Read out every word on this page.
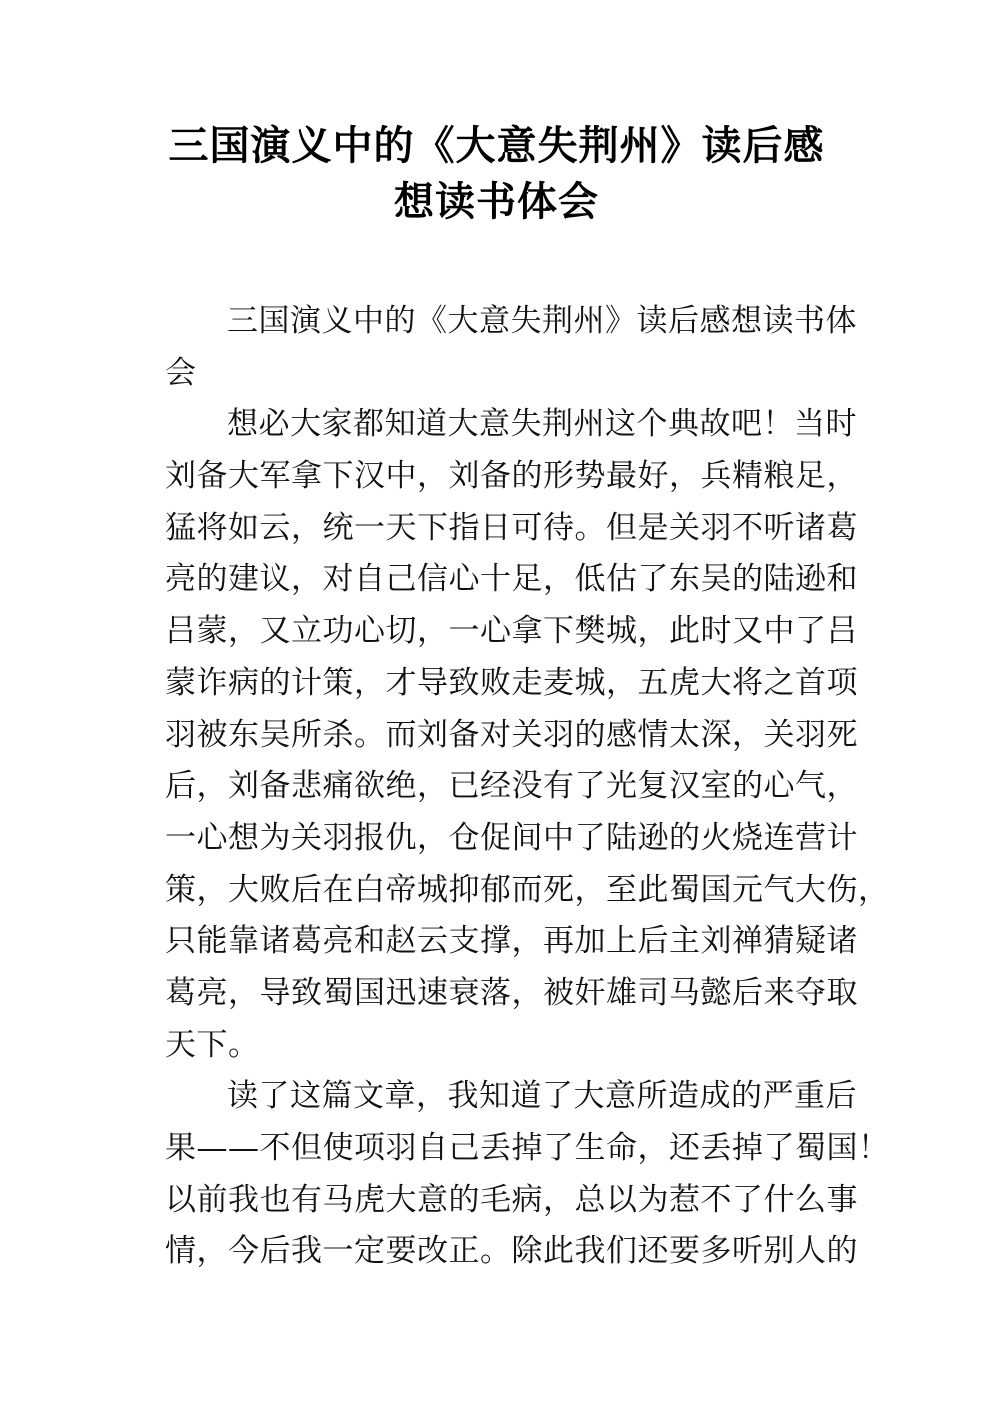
三国演义中的《大意失荆州》读后感
想读书体会
三国演义中的《大意失荆州》读后感想读书体
会
想必大家都知道大意失荆州这个典故吧！当时
刘备大军拿下汉中，刘备的形势最好，兵精粮足，
猛将如云，统一天下指日可待。但是关羽不听诸葛
亮的建议，对自己信心十足，低估了东吴的陆逊和
吕蒙，又立功心切，一心拿下樊城，此时又中了吕
蒙诈病的计策，才导致败走麦城，五虎大将之首项
羽被东吴所杀。而刘备对关羽的感情太深，关羽死
后，刘备悲痛欲绝，已经没有了光复汉室的心气，
一心想为关羽报仇，仓促间中了陆逊的火烧连营计
策，大败后在白帝城抑郁而死，至此蜀国元气大伤，
只能靠诸葛亮和赵云支撑，再加上后主刘禅猜疑诸
葛亮，导致蜀国迅速衰落，被奸雄司马懿后来夺取
天下。
读了这篇文章，我知道了大意所造成的严重后
果——不但使项羽自己丢掉了生命，还丢掉了蜀国！
以前我也有马虎大意的毛病，总以为惹不了什么事
情，今后我一定要改正。除此我们还要多听别人的
